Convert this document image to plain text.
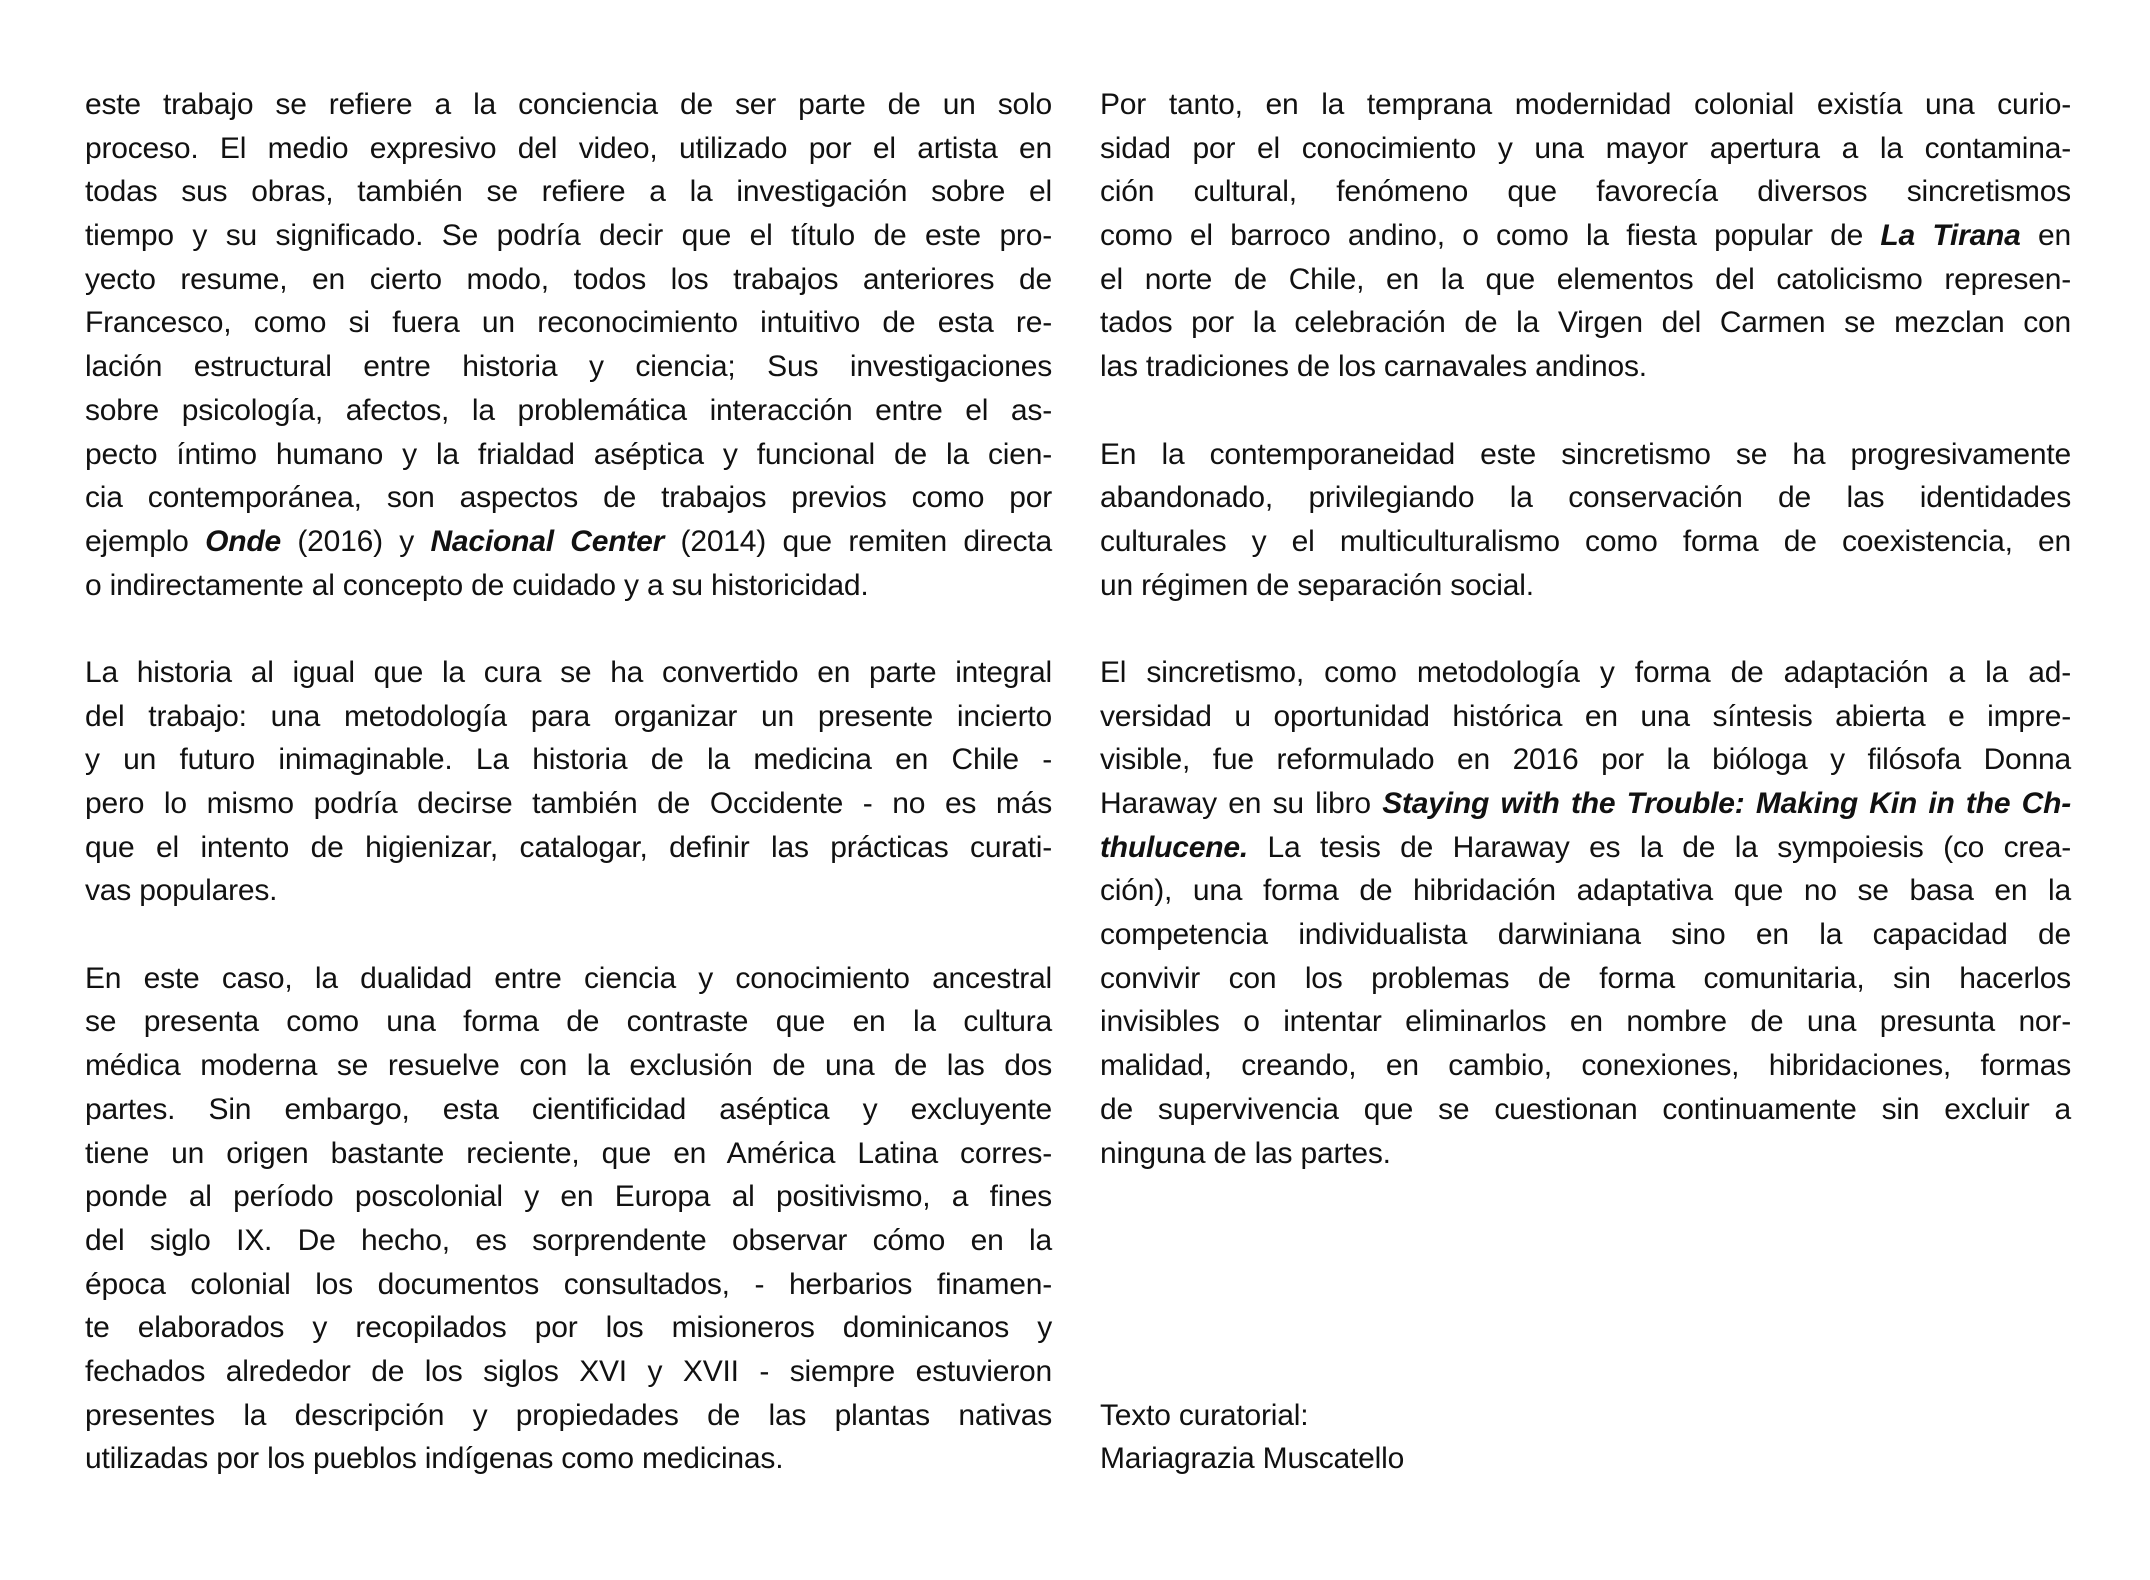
este trabajo se refiere a la conciencia de ser parte de un solo
proceso. El medio expresivo del video, utilizado por el artista en
todas sus obras, también se refiere a la investigación sobre el
tiempo y su significado. Se podría decir que el título de este pro-
yecto resume, en cierto modo, todos los trabajos anteriores de
Francesco, como si fuera un reconocimiento intuitivo de esta re-
lación estructural entre historia y ciencia; Sus investigaciones
sobre psicología, afectos, la problemática interacción entre el as-
pecto íntimo humano y la frialdad aséptica y funcional de la cien-
cia contemporánea, son aspectos de trabajos previos como por
ejemplo Onde (2016) y Nacional Center (2014) que remiten directa
o indirectamente al concepto de cuidado y a su historicidad.
La historia al igual que la cura se ha convertido en parte integral
del trabajo: una metodología para organizar un presente incierto
y un futuro inimaginable. La historia de la medicina en Chile -
pero lo mismo podría decirse también de Occidente - no es más
que el intento de higienizar, catalogar, definir las prácticas curati-
vas populares.
En este caso, la dualidad entre ciencia y conocimiento ancestral
se presenta como una forma de contraste que en la cultura
médica moderna se resuelve con la exclusión de una de las dos
partes. Sin embargo, esta cientificidad aséptica y excluyente
tiene un origen bastante reciente, que en América Latina corres-
ponde al período poscolonial y en Europa al positivismo, a fines
del siglo IX. De hecho, es sorprendente observar cómo en la
época colonial los documentos consultados, - herbarios finamen-
te elaborados y recopilados por los misioneros dominicanos y
fechados alrededor de los siglos XVI y XVII - siempre estuvieron
presentes la descripción y propiedades de las plantas nativas
utilizadas por los pueblos indígenas como medicinas.
Por tanto, en la temprana modernidad colonial existía una curio-
sidad por el conocimiento y una mayor apertura a la contamina-
ción cultural, fenómeno que favorecía diversos sincretismos
como el barroco andino, o como la fiesta popular de La Tirana en
el norte de Chile, en la que elementos del catolicismo represen-
tados por la celebración de la Virgen del Carmen se mezclan con
las tradiciones de los carnavales andinos.
En la contemporaneidad este sincretismo se ha progresivamente
abandonado, privilegiando la conservación de las identidades
culturales y el multiculturalismo como forma de coexistencia, en
un régimen de separación social.
El sincretismo, como metodología y forma de adaptación a la ad-
versidad u oportunidad histórica en una síntesis abierta e impre-
visible, fue reformulado en 2016 por la bióloga y filósofa Donna
Haraway en su libro Staying with the Trouble: Making Kin in the Ch-
thulucene. La tesis de Haraway es la de la sympoiesis (co crea-
ción), una forma de hibridación adaptativa que no se basa en la
competencia individualista darwiniana sino en la capacidad de
convivir con los problemas de forma comunitaria, sin hacerlos
invisibles o intentar eliminarlos en nombre de una presunta nor-
malidad, creando, en cambio, conexiones, hibridaciones, formas
de supervivencia que se cuestionan continuamente sin excluir a
ninguna de las partes.
Texto curatorial:
Mariagrazia Muscatello
